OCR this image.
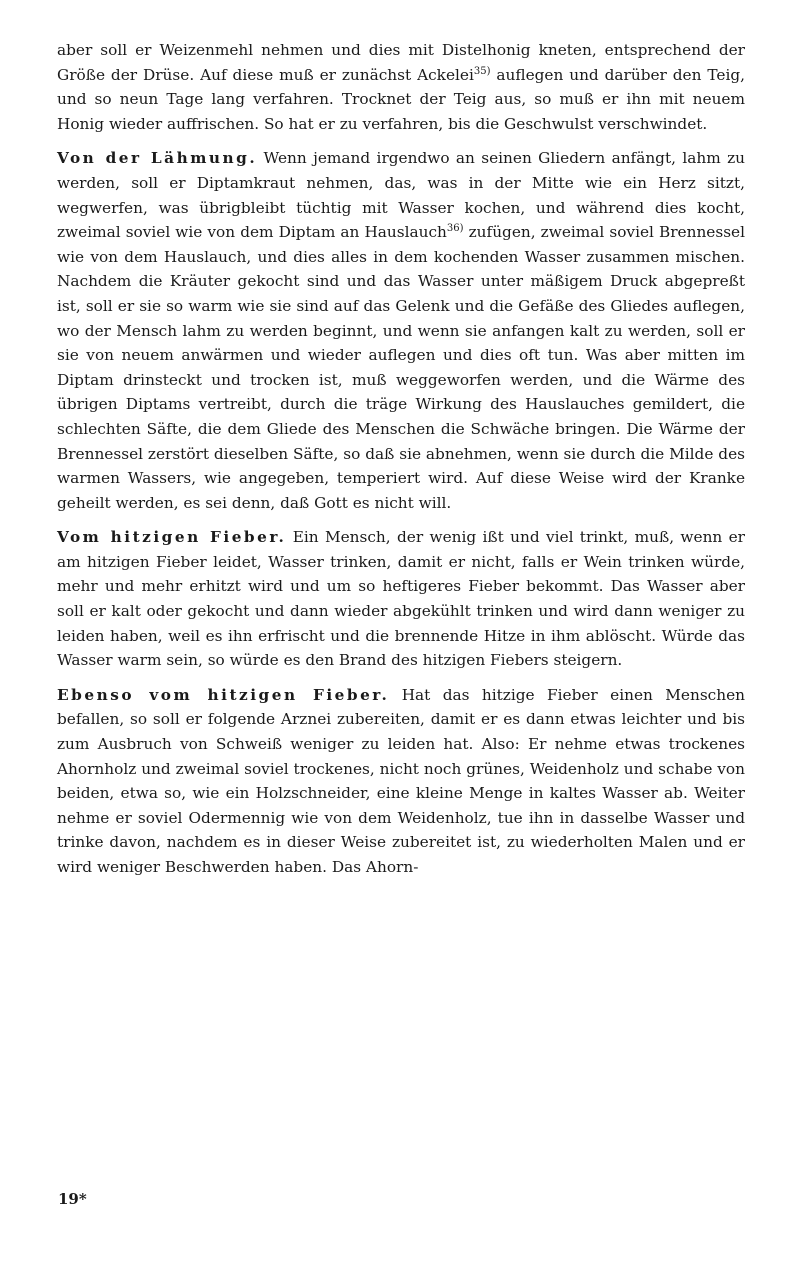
aber soll er Weizenmehl nehmen und dies mit Distelhonig kneten, entsprechend der Größe der Drüse. Auf diese muß er zunächst Ackelei$^{35)}$ auflegen und darüber den Teig, und so neun Tage lang verfahren. Trocknet der Teig aus, so muß er ihn mit neuem Honig wieder auffrischen. So hat er zu verfahren, bis die Geschwulst verschwindet.

Von der Lähmung. Wenn jemand irgendwo an seinen Gliedern anfängt, lahm zu werden, soll er Diptamkraut nehmen, das, was in der Mitte wie ein Herz sitzt, wegwerfen, was übrigbleibt tüchtig mit Wasser kochen, und während dies kocht, zweimal soviel wie von dem Diptam an Hauslauch$^{36)}$ zufügen, zweimal soviel Brennessel wie von dem Hauslauch, und dies alles in dem kochenden Wasser zusammen mischen. Nachdem die Kräuter gekocht sind und das Wasser unter mäßigem Druck abgepreßt ist, soll er sie so warm wie sie sind auf das Gelenk und die Gefäße des Gliedes auflegen, wo der Mensch lahm zu werden beginnt, und wenn sie anfangen kalt zu werden, soll er sie von neuem anwärmen und wieder auflegen und dies oft tun. Was aber mitten im Diptam drinsteckt und trocken ist, muß weggeworfen werden, und die Wärme des übrigen Diptams vertreibt, durch die träge Wirkung des Hauslauches gemildert, die schlechten Säfte, die dem Gliede des Menschen die Schwäche bringen. Die Wärme der Brennessel zerstört dieselben Säfte, so daß sie abnehmen, wenn sie durch die Milde des warmen Wassers, wie angegeben, temperiert wird. Auf diese Weise wird der Kranke geheilt werden, es sei denn, daß Gott es nicht will.

Vom hitzigen Fieber. Ein Mensch, der wenig ißt und viel trinkt, muß, wenn er am hitzigen Fieber leidet, Wasser trinken, damit er nicht, falls er Wein trinken würde, mehr und mehr erhitzt wird und um so heftigeres Fieber bekommt. Das Wasser aber soll er kalt oder gekocht und dann wieder abgekühlt trinken und wird dann weniger zu leiden haben, weil es ihn erfrischt und die brennende Hitze in ihm ablöscht. Würde das Wasser warm sein, so würde es den Brand des hitzigen Fiebers steigern.

Ebenso vom hitzigen Fieber. Hat das hitzige Fieber einen Menschen befallen, so soll er folgende Arznei zubereiten, damit er es dann etwas leichter und bis zum Ausbruch von Schweiß weniger zu leiden hat. Also: Er nehme etwas trockenes Ahornholz und zweimal soviel trockenes, nicht noch grünes, Weidenholz und schabe von beiden, etwa so, wie ein Holzschneider, eine kleine Menge in kaltes Wasser ab. Weiter nehme er soviel Odermennig wie von dem Weidenholz, tue ihn in dasselbe Wasser und trinke davon, nachdem es in dieser Weise zubereitet ist, zu wiederholten Malen und er wird weniger Beschwerden haben. Das Ahorn-

19*
